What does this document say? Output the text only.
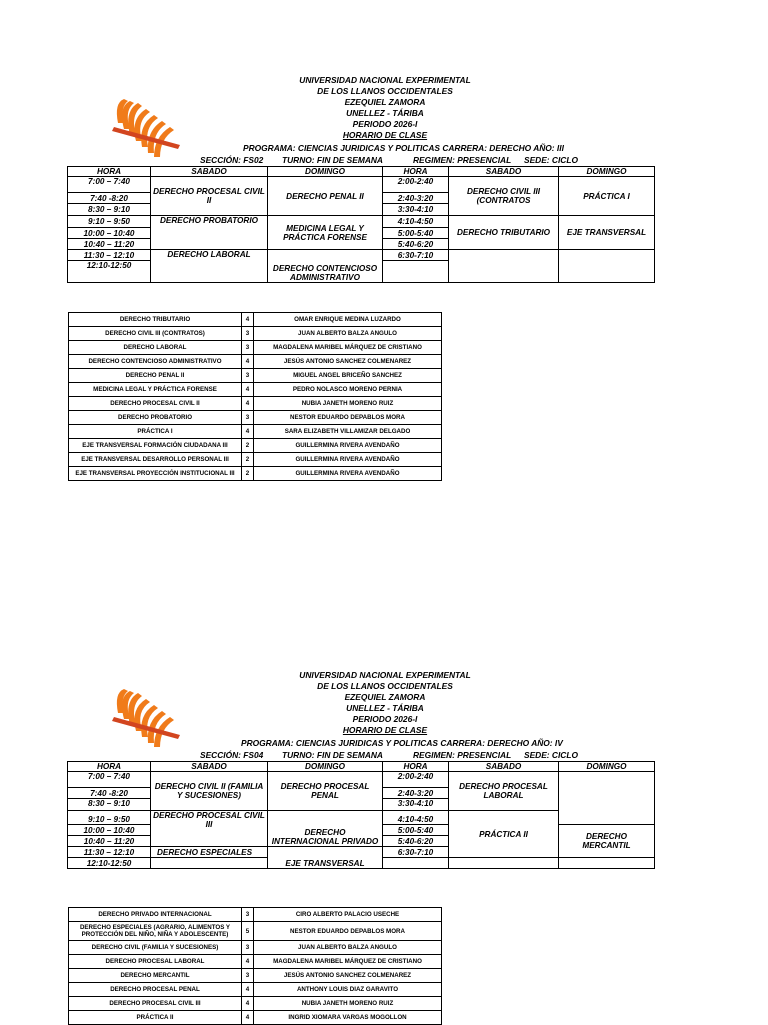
UNIVERSIDAD NACIONAL EXPERIMENTAL
DE LOS LLANOS OCCIDENTALES
EZEQUIEL ZAMORA
UNELLEZ - TÁRIBA
PERIODO 2026-I
HORARIO DE CLASE
PROGRAMA: CIENCIAS JURIDICAS Y POLITICAS CARRERA: DERECHO AÑO: III
SECCIÓN: FS02 TURNO: FIN DE SEMANA	REGIMEN: PRESENCIAL SEDE: CICLO
HORA	SABADO	DOMINGO	HORA	SABADO	DOMINGO
7:00 – 7:40	DERECHO PROCESAL CIVIL II	DERECHO PENAL II	2:00-2:40	DERECHO CIVIL III (CONTRATOS	PRÁCTICA I
7:40 -8:20			2:40-3:20		
8:30 – 9:10			3:30-4:10		
9:10 – 9:50	DERECHO PROBATORIO	MEDICINA LEGAL Y PRÁCTICA FORENSE	4:10-4:50	DERECHO TRIBUTARIO	EJE TRANSVERSAL
10:00 – 10:40			5:00-5:40		
10:40 – 11:20			5:40-6:20		
11:30 – 12:10	DERECHO LABORAL	DERECHO CONTENCIOSO ADMINISTRATIVO	6:30-7:10		
12:10-12:50					
DERECHO TRIBUTARIO	4	OMAR ENRIQUE MEDINA LUZARDO
DERECHO CIVIL III (CONTRATOS)	3	JUAN ALBERTO BALZA ANGULO
DERECHO LABORAL	3	MAGDALENA MARIBEL MÁRQUEZ DE CRISTIANO
DERECHO CONTENCIOSO ADMINISTRATIVO	4	JESÚS ANTONIO SANCHEZ COLMENAREZ
DERECHO PENAL II	3	MIGUEL ANGEL BRICEÑO SANCHEZ
MEDICINA LEGAL Y PRÁCTICA FORENSE	4	PEDRO NOLASCO MORENO PERNIA
DERECHO PROCESAL CIVIL II	4	NUBIA JANETH MORENO RUIZ
DERECHO PROBATORIO	3	NESTOR EDUARDO DEPABLOS MORA
PRÁCTICA I	4	SARA ELIZABETH VILLAMIZAR DELGADO
EJE TRANSVERSAL FORMACIÓN CIUDADANA III	2	GUILLERMINA RIVERA AVENDAÑO
EJE TRANSVERSAL DESARROLLO PERSONAL III	2	GUILLERMINA RIVERA AVENDAÑO
EJE TRANSVERSAL PROYECCIÓN INSTITUCIONAL III	2	GUILLERMINA RIVERA AVENDAÑO
UNIVERSIDAD NACIONAL EXPERIMENTAL
DE LOS LLANOS OCCIDENTALES
EZEQUIEL ZAMORA
UNELLEZ - TÁRIBA
PERIODO 2026-I
HORARIO DE CLASE
PROGRAMA: CIENCIAS JURIDICAS Y POLITICAS CARRERA: DERECHO AÑO: IV
SECCIÓN: FS04 TURNO: FIN DE SEMANA	REGIMEN: PRESENCIAL SEDE: CICLO
HORA	SABADO	DOMINGO	HORA	SABADO	DOMINGO
7:00 – 7:40	DERECHO CIVIL II (FAMILIA Y SUCESIONES)	DERECHO PROCESAL PENAL	2:00-2:40	DERECHO PROCESAL LABORAL	
7:40 -8:20			2:40-3:20		
8:30 – 9:10			3:30-4:10		
9:10 – 9:50	DERECHO PROCESAL CIVIL III	DERECHO INTERNACIONAL PRIVADO	4:10-4:50	PRÁCTICA II	
10:00 – 10:40			5:00-5:40		DERECHO MERCANTIL
10:40 – 11:20			5:40-6:20		
11:30 – 12:10	DERECHO ESPECIALES	EJE TRANSVERSAL	6:30-7:10		
12:10-12:50					
DERECHO PRIVADO INTERNACIONAL	3	CIRO ALBERTO PALACIO USECHE
DERECHO ESPECIALES (AGRARIO, ALIMENTOS Y PROTECCIÓN DEL NIÑO, NIÑA Y ADOLESCENTE)	5	NESTOR EDUARDO DEPABLOS MORA
DERECHO CIVIL (FAMILIA Y SUCESIONES)	3	JUAN ALBERTO BALZA ANGULO
DERECHO PROCESAL LABORAL	4	MAGDALENA MARIBEL MÁRQUEZ DE CRISTIANO
DERECHO MERCANTIL	3	JESÚS ANTONIO SANCHEZ COLMENAREZ
DERECHO PROCESAL PENAL	4	ANTHONY LOUIS DIAZ GARAVITO
DERECHO PROCESAL CIVIL III	4	NUBIA JANETH MORENO RUIZ
PRÁCTICA II	4	INGRID XIOMARA VARGAS MOGOLLON
